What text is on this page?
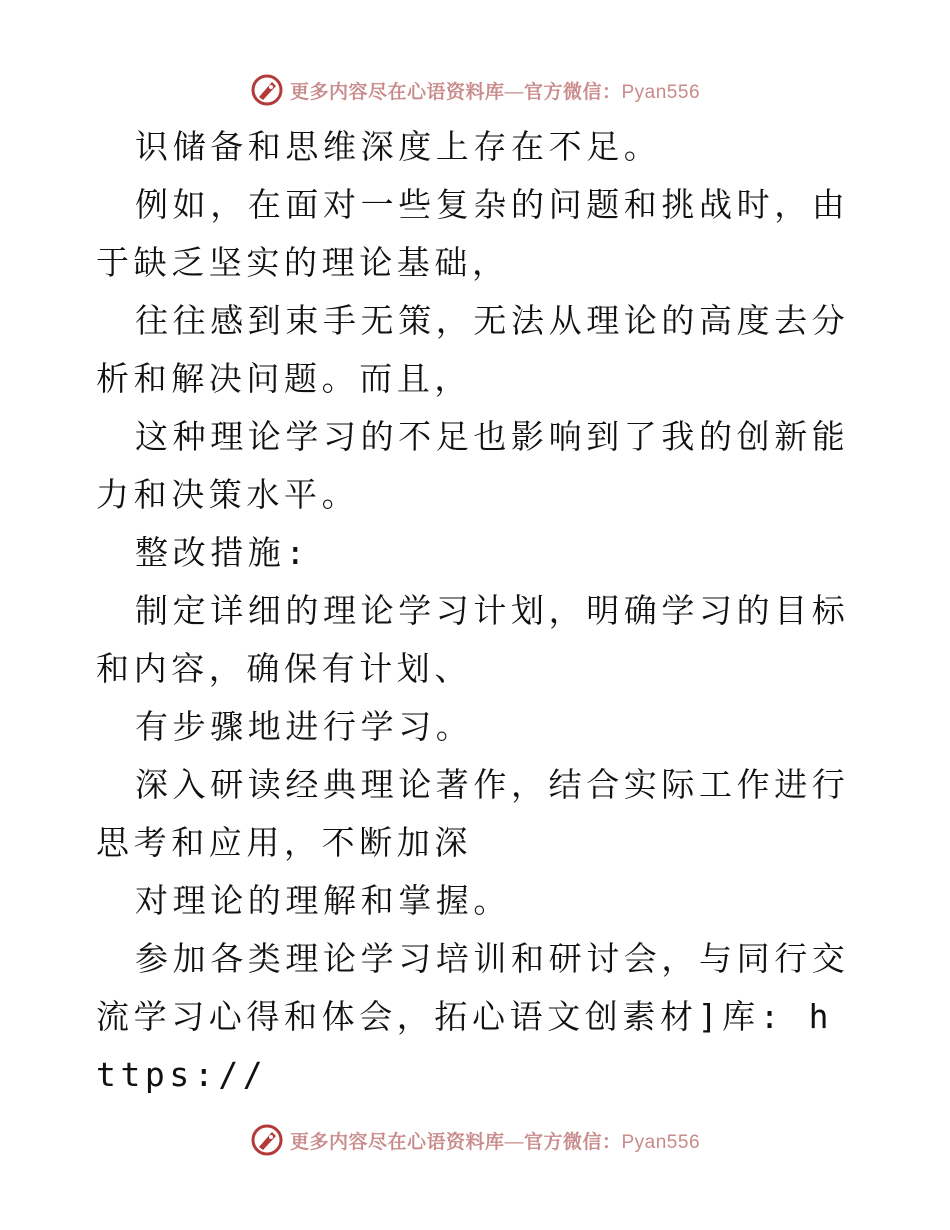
更多内容尽在心语资料库—官方微信：Pyan556

识储备和思维深度上存在不足。

例如，在面对一些复杂的问题和挑战时，由于缺乏坚实的理论基础，

往往感到束手无策，无法从理论的高度去分析和解决问题。而且，

这种理论学习的不足也影响到了我的创新能力和决策水平。

整改措施:

制定详细的理论学习计划，明确学习的目标和内容，确保有计划、

有步骤地进行学习。

深入研读经典理论著作，结合实际工作进行思考和应用，不断加深

对理论的理解和掌握。

参加各类理论学习培训和研讨会，与同行交流学习心得和体会，拓心语文创素材]库: https://

更多内容尽在心语资料库—官方微信：Pyan556
